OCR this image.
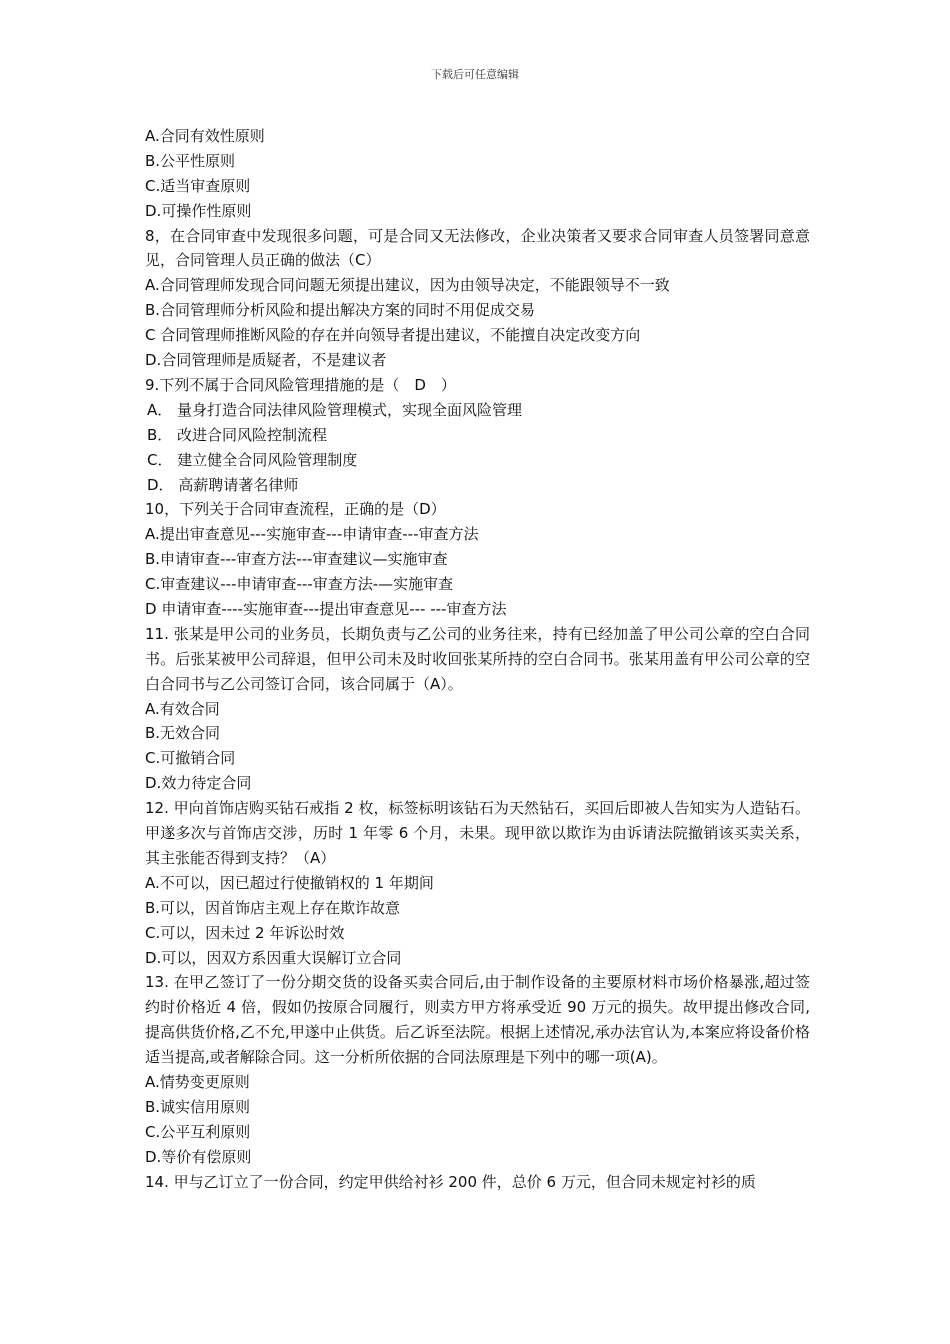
下载后可任意编辑
A.合同有效性原则
B.公平性原则
C.适当审查原则
D.可操作性原则
8，在合同审查中发现很多问题，可是合同又无法修改，企业决策者又要求合同审查人员签署同意意见，合同管理人员正确的做法（C）
A.合同管理师发现合同问题无须提出建议，因为由领导决定，不能跟领导不一致
B.合同管理师分析风险和提出解决方案的同时不用促成交易
C 合同管理师推断风险的存在并向领导者提出建议，不能擅自决定改变方向
D.合同管理师是质疑者，不是建议者
9.下列不属于合同风险管理措施的是（　D　）
A． 量身打造合同法律风险管理模式，实现全面风险管理
B． 改进合同风险控制流程
C． 建立健全合同风险管理制度
D． 高薪聘请著名律师
10，下列关于合同审查流程，正确的是（D）
A.提出审查意见---实施审查---申请审查---审查方法
B.申请审查---审查方法---审查建议—实施审查
C.审查建议---申请审查---审查方法-—实施审查
D 申请审查----实施审查---提出审查意见--- ---审查方法
11. 张某是甲公司的业务员，长期负责与乙公司的业务往来，持有已经加盖了甲公司公章的空白合同书。后张某被甲公司辞退，但甲公司未及时收回张某所持的空白合同书。张某用盖有甲公司公章的空白合同书与乙公司签订合同，该合同属于（A）。
A.有效合同
B.无效合同
C.可撤销合同
D.效力待定合同
12. 甲向首饰店购买钻石戒指 2 枚，标签标明该钻石为天然钻石，买回后即被人告知实为人造钻石。甲遂多次与首饰店交涉，历时 1 年零 6 个月，未果。现甲欲以欺诈为由诉请法院撤销该买卖关系，其主张能否得到支持？（A）
A.不可以，因已超过行使撤销权的 1 年期间
B.可以，因首饰店主观上存在欺诈故意
C.可以，因未过 2 年诉讼时效
D.可以，因双方系因重大误解订立合同
13. 在甲乙签订了一份分期交货的设备买卖合同后,由于制作设备的主要原材料市场价格暴涨,超过签约时价格近 4 倍，假如仍按原合同履行，则卖方甲方将承受近 90 万元的损失。故甲提出修改合同,提高供货价格,乙不允,甲遂中止供货。后乙诉至法院。根据上述情况,承办法官认为,本案应将设备价格适当提高,或者解除合同。这一分析所依据的合同法原理是下列中的哪一项(A)。
A.情势变更原则
B.诚实信用原则
C.公平互利原则
D.等价有偿原则
14. 甲与乙订立了一份合同，约定甲供给衬衫 200 件，总价 6 万元，但合同未规定衬衫的质
